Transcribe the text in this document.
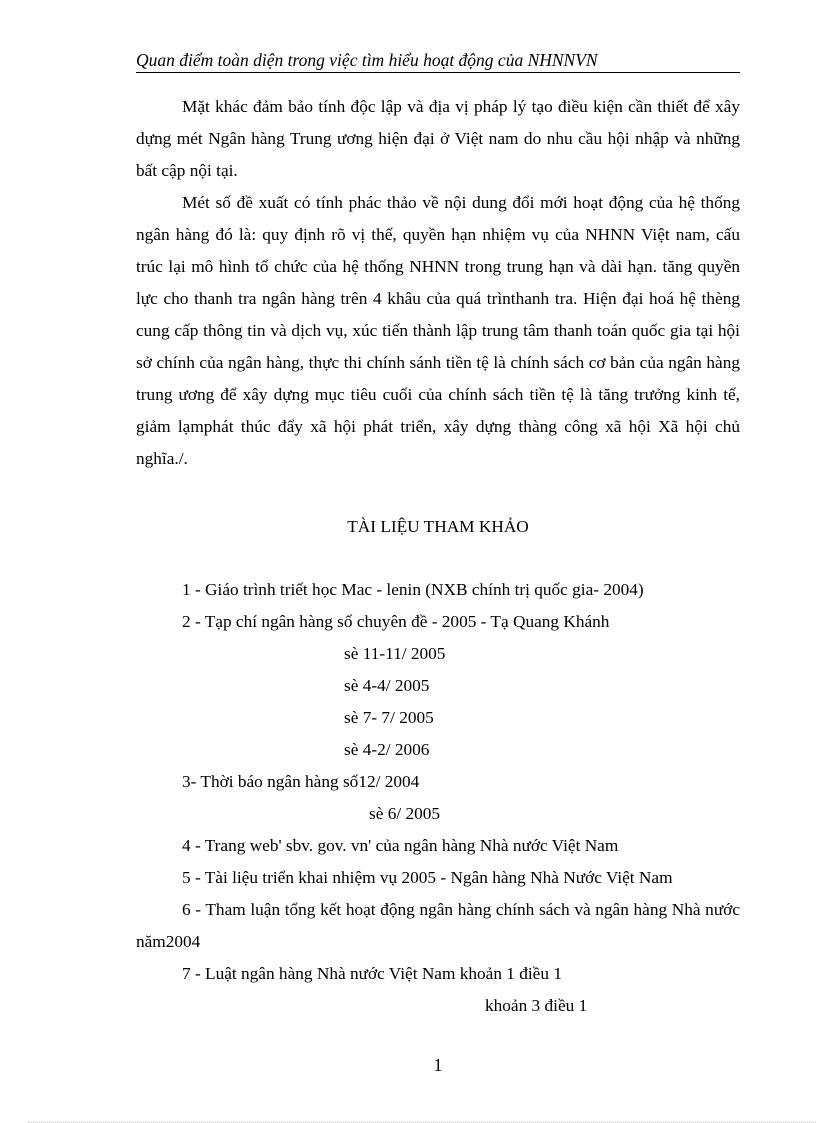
Quan điểm toàn diện trong việc tìm hiểu hoạt động của NHNNVN

Mặt khác đảm bảo tính độc lập và địa vị pháp lý tạo điều kiện cần thiết để xây dựng mét Ngân hàng Trung ương hiện đại ở Việt nam do nhu cầu hội nhập và những bất cập nội tại.

Mét số đề xuất có tính phác thảo về nội dung đổi mới hoạt động của hệ thống ngân hàng đó là: quy định rõ vị thế, quyền hạn nhiệm vụ của NHNN Việt nam, cấu trúc lại mô hình tổ chức của hệ thống NHNN trong trung hạn và dài hạn. tăng quyền lực cho thanh tra ngân hàng trên 4 khâu của quá trìnthanh tra. Hiện đại hoá hệ thèng cung cấp thông tin và dịch vụ, xúc tiến thành lập trung tâm thanh toán quốc gia tại hội sở chính của ngân hàng, thực thi chính sánh tiền tệ là chính sách cơ bản của ngân hàng trung ương để xây dựng mục tiêu cuối của chính sách tiền tệ là tăng trưởng kinh tế, giảm lạmphát thúc đẩy xã hội phát triển, xây dựng thàng công xã hội Xã hội chủ nghĩa./.

TÀI LIỆU THAM KHẢO

1 - Giáo trình triết học Mac - lenin (NXB chính trị quốc gia- 2004)

2 - Tạp chí ngân hàng số chuyên đề - 2005 - Tạ Quang Khánh

sè 11-11/ 2005

sè 4-4/ 2005

sè 7- 7/ 2005

sè 4-2/ 2006

3- Thời báo ngân hàng số12/ 2004

sè 6/ 2005

4 - Trang web' sbv. gov. vn' của ngân hàng Nhà nước Việt Nam

5 - Tài liệu triển khai nhiệm vụ 2005 - Ngân hàng Nhà Nước Việt Nam

6 - Tham luận tổng kết hoạt động ngân hàng chính sách và ngân hàng Nhà nước năm2004

7 - Luật ngân hàng Nhà nước Việt Nam khoản 1 điều 1

khoản 3 điều 1

1
